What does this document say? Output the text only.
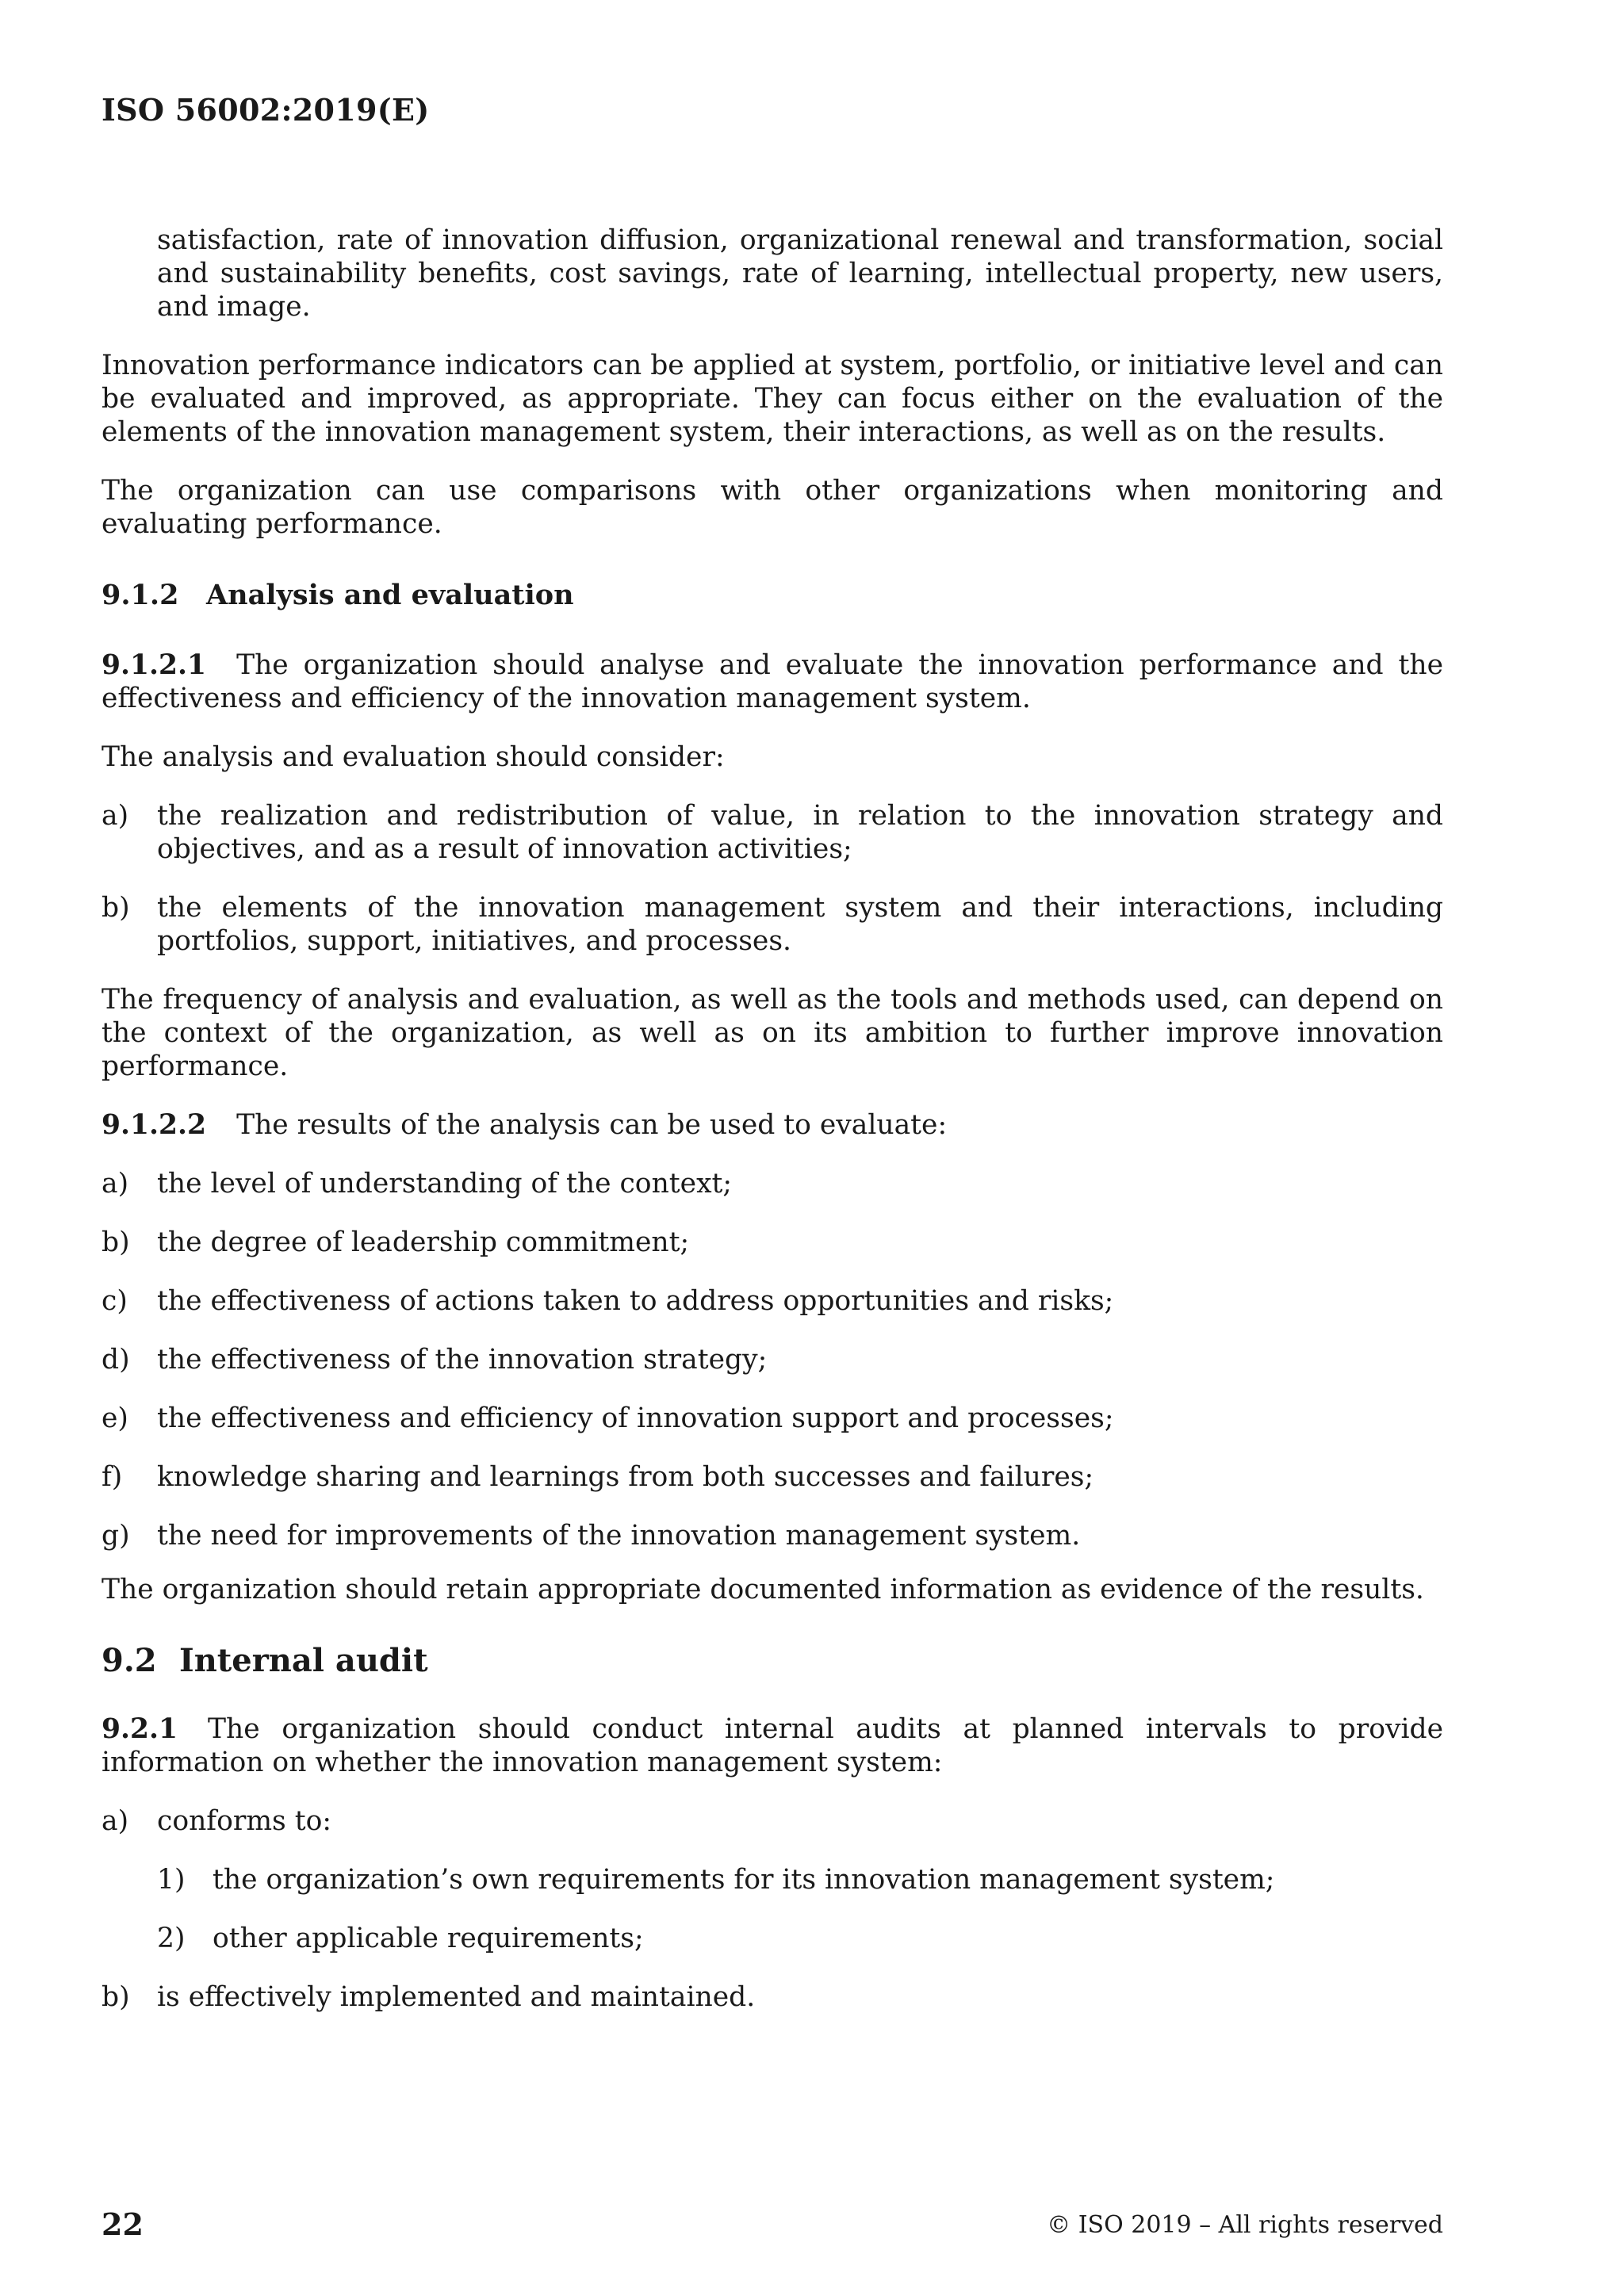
ISO 56002:2019(E)

satisfaction, rate of innovation diffusion, organizational renewal and transformation, social and sustainability benefits, cost savings, rate of learning, intellectual property, new users, and image.

Innovation performance indicators can be applied at system, portfolio, or initiative level and can be evaluated and improved, as appropriate. They can focus either on the evaluation of the elements of the innovation management system, their interactions, as well as on the results.

The organization can use comparisons with other organizations when monitoring and evaluating performance.

9.1.2 Analysis and evaluation

9.1.2.1 The organization should analyse and evaluate the innovation performance and the effectiveness and efficiency of the innovation management system.

The analysis and evaluation should consider:

a) the realization and redistribution of value, in relation to the innovation strategy and objectives, and as a result of innovation activities;

b) the elements of the innovation management system and their interactions, including portfolios, support, initiatives, and processes.

The frequency of analysis and evaluation, as well as the tools and methods used, can depend on the context of the organization, as well as on its ambition to further improve innovation performance.

9.1.2.2 The results of the analysis can be used to evaluate:

a) the level of understanding of the context;

b) the degree of leadership commitment;

c) the effectiveness of actions taken to address opportunities and risks;

d) the effectiveness of the innovation strategy;

e) the effectiveness and efficiency of innovation support and processes;

f) knowledge sharing and learnings from both successes and failures;

g) the need for improvements of the innovation management system.

The organization should retain appropriate documented information as evidence of the results.

9.2 Internal audit

9.2.1 The organization should conduct internal audits at planned intervals to provide information on whether the innovation management system:

a) conforms to:

1) the organization’s own requirements for its innovation management system;

2) other applicable requirements;

b) is effectively implemented and maintained.

22	© ISO 2019 – All rights reserved
